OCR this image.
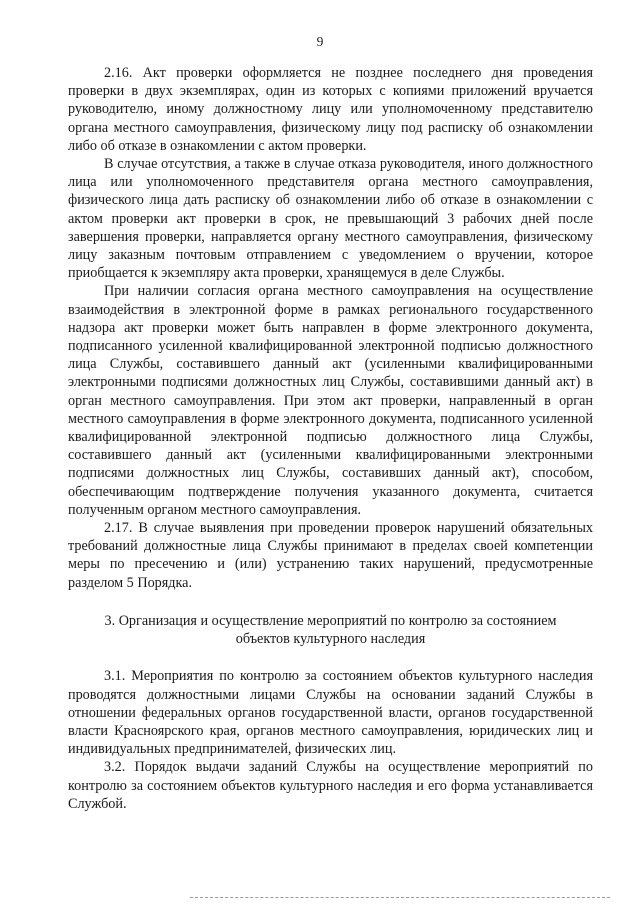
9

2.16. Акт проверки оформляется не позднее последнего дня проведения проверки в двух экземплярах, один из которых с копиями приложений вручается руководителю, иному должностному лицу или уполномоченному представителю органа местного самоуправления, физическому лицу под расписку об ознакомлении либо об отказе в ознакомлении с актом проверки.

В случае отсутствия, а также в случае отказа руководителя, иного должностного лица или уполномоченного представителя органа местного самоуправления, физического лица дать расписку об ознакомлении либо об отказе в ознакомлении с актом проверки акт проверки в срок, не превышающий 3 рабочих дней после завершения проверки, направляется органу местного самоуправления, физическому лицу заказным почтовым отправлением с уведомлением о вручении, которое приобщается к экземпляру акта проверки, хранящемуся в деле Службы.

При наличии согласия органа местного самоуправления на осуществление взаимодействия в электронной форме в рамках регионального государственного надзора акт проверки может быть направлен в форме электронного документа, подписанного усиленной квалифицированной электронной подписью должностного лица Службы, составившего данный акт (усиленными квалифицированными электронными подписями должностных лиц Службы, составившими данный акт) в орган местного самоуправления. При этом акт проверки, направленный в орган местного самоуправления в форме электронного документа, подписанного усиленной квалифицированной электронной подписью должностного лица Службы, составившего данный акт (усиленными квалифицированными электронными подписями должностных лиц Службы, составивших данный акт), способом, обеспечивающим подтверждение получения указанного документа, считается полученным органом местного самоуправления.

2.17. В случае выявления при проведении проверок нарушений обязательных требований должностные лица Службы принимают в пределах своей компетенции меры по пресечению и (или) устранению таких нарушений, предусмотренные разделом 5 Порядка.

3. Организация и осуществление мероприятий по контролю за состоянием объектов культурного наследия

3.1. Мероприятия по контролю за состоянием объектов культурного наследия проводятся должностными лицами Службы на основании заданий Службы в отношении федеральных органов государственной власти, органов государственной власти Красноярского края, органов местного самоуправления, юридических лиц и индивидуальных предпринимателей, физических лиц.

3.2. Порядок выдачи заданий Службы на осуществление мероприятий по контролю за состоянием объектов культурного наследия и его форма устанавливается Службой.
